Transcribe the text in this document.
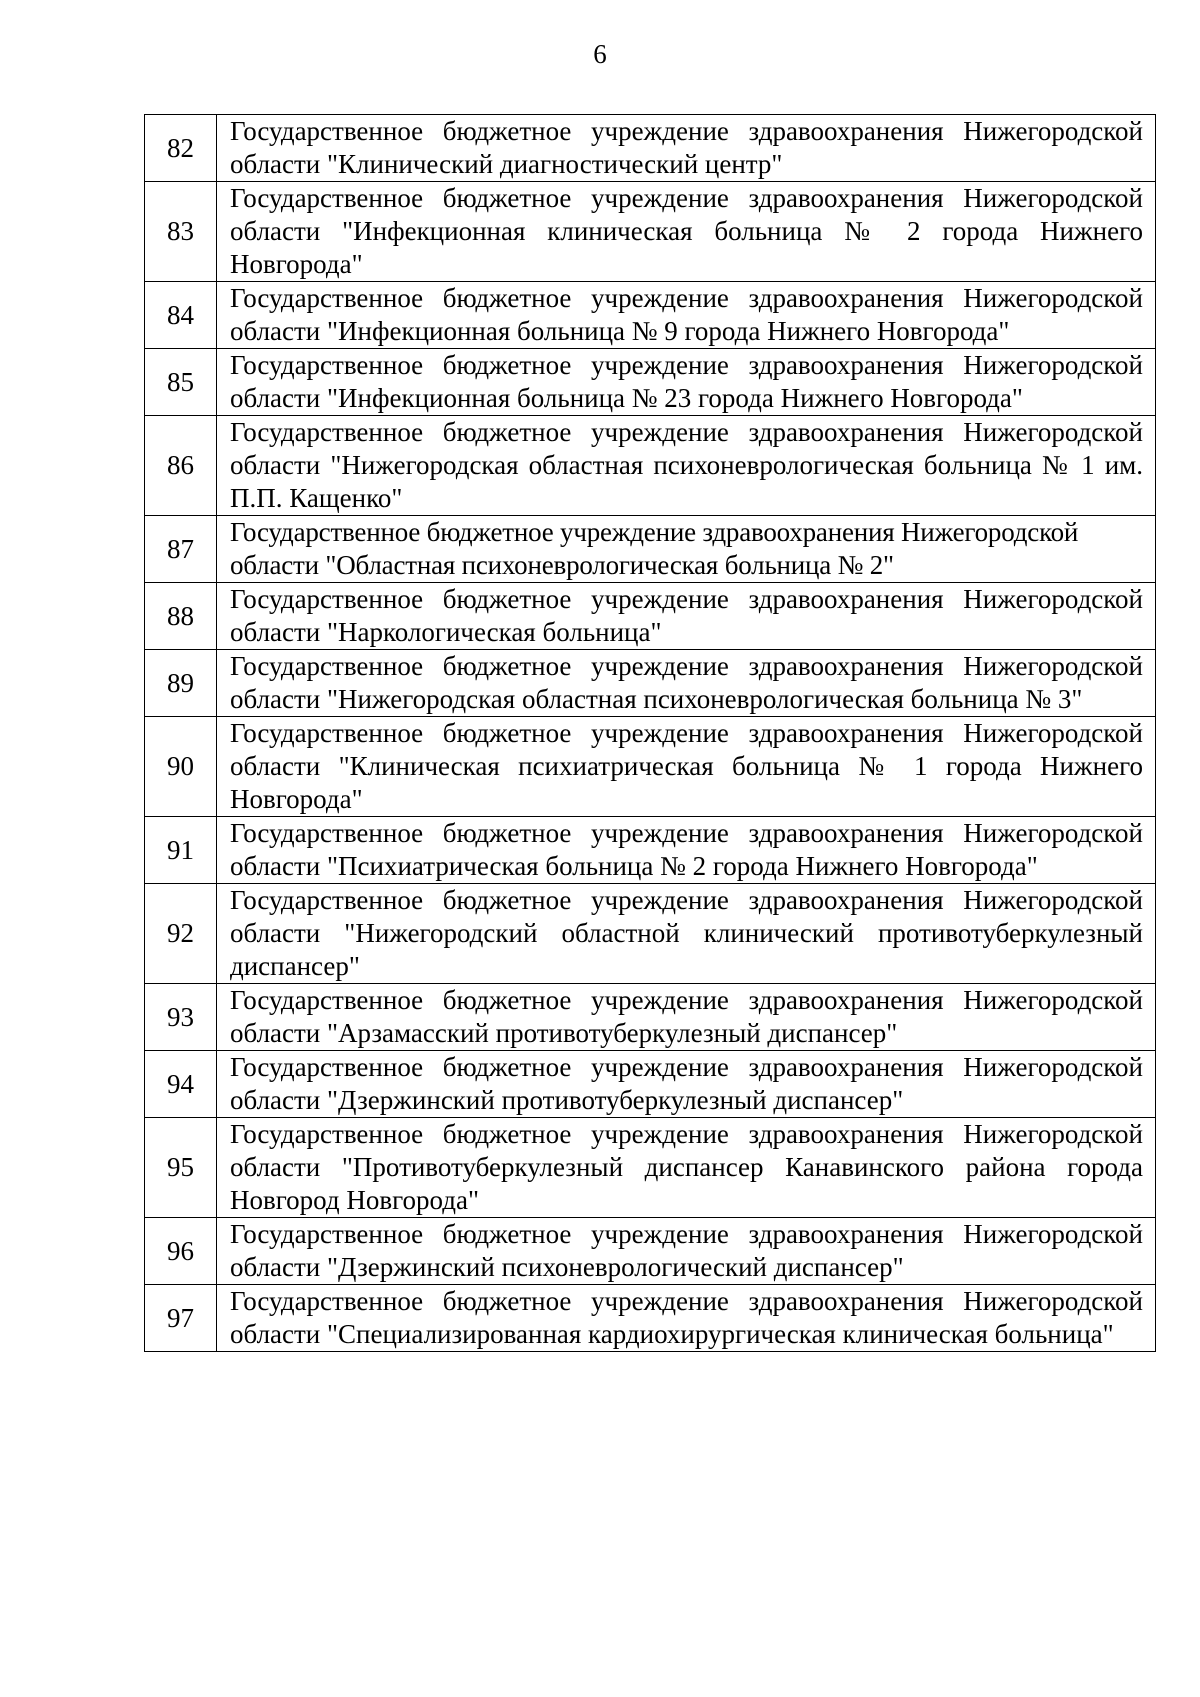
6
82	Государственное бюджетное учреждение здравоохранения Нижегородской области "Клинический диагностический центр"
83	Государственное бюджетное учреждение здравоохранения Нижегородской области "Инфекционная клиническая больница № 2 города Нижнего Новгорода"
84	Государственное бюджетное учреждение здравоохранения Нижегородской области "Инфекционная больница № 9 города Нижнего Новгорода"
85	Государственное бюджетное учреждение здравоохранения Нижегородской области "Инфекционная больница № 23 города Нижнего Новгорода"
86	Государственное бюджетное учреждение здравоохранения Нижегородской области "Нижегородская областная психоневрологическая больница № 1 им. П.П. Кащенко"
87	Государственное бюджетное учреждение здравоохранения Нижегородской области "Областная психоневрологическая больница № 2"

88	Государственное бюджетное учреждение здравоохранения Нижегородской области "Наркологическая больница"
89	Государственное бюджетное учреждение здравоохранения Нижегородской области "Нижегородская областная психоневрологическая больница № 3"
90	Государственное бюджетное учреждение здравоохранения Нижегородской области "Клиническая психиатрическая больница № 1 города Нижнего Новгорода"
91	Государственное бюджетное учреждение здравоохранения Нижегородской области "Психиатрическая больница № 2 города Нижнего Новгорода"
92	Государственное бюджетное учреждение здравоохранения Нижегородской области "Нижегородский областной клинический противотуберкулезный диспансер"
93	Государственное бюджетное учреждение здравоохранения Нижегородской области "Арзамасский противотуберкулезный диспансер"
94	Государственное бюджетное учреждение здравоохранения Нижегородской области "Дзержинский противотуберкулезный диспансер"
95	Государственное бюджетное учреждение здравоохранения Нижегородской области "Противотуберкулезный диспансер Канавинского района города Новгород Новгорода"
96	Государственное бюджетное учреждение здравоохранения Нижегородской области "Дзержинский психоневрологический диспансер"
97	Государственное бюджетное учреждение здравоохранения Нижегородской области "Специализированная кардиохирургическая клиническая больница"
